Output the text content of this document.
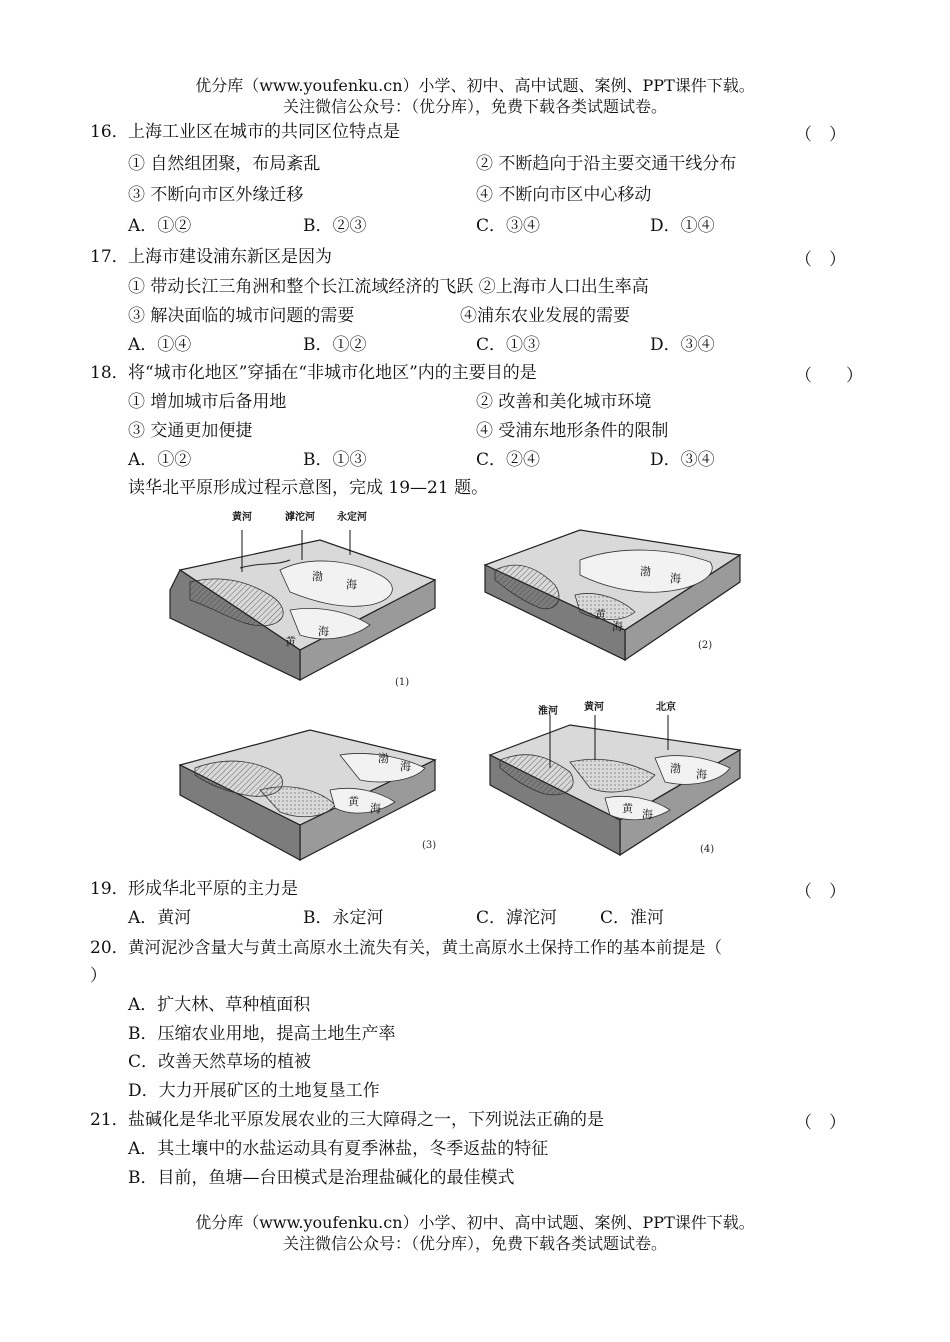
优分库（www.youfenku.cn）小学、初中、高中试题、案例、PPT课件下载。
关注微信公众号：（优分库），免费下载各类试题试卷。
16． 上海工业区在城市的共同区位特点是	（　）
① 自然组团聚，布局紊乱	② 不断趋向于沿主要交通干线分布
③ 不断向市区外缘迁移	④ 不断向市区中心移动
A．①②	B．②③	C．③④	D．①④
17． 上海市建设浦东新区是因为	（　）
① 带动长江三角洲和整个长江流域经济的飞跃 ②上海市人口出生率高
③ 解决面临的城市问题的需要	④浦东农业发展的需要
A．①④	B．①②	C．①③	D．③④
18． 将“城市化地区”穿插在“非城市化地区”内的主要目的是	（　　）
① 增加城市后备用地	② 改善和美化城市环境
③ 交通更加便捷	④ 受浦东地形条件的限制
A．①②	B．①③	C．②④	D．③④
读华北平原形成过程示意图，完成 19—21 题。
渤
海
黄
海
黄河	滹沱河 永定河
(1)
渤
海
黄
海
(2)
渤
海
黄
海
(3)
淮河	黄河	北京
渤 海
黄 海
(4)
19． 形成华北平原的主力是	（　）
A．黄河	B．永定河	C．滹沱河	C．淮河
20． 黄河泥沙含量大与黄土高原水土流失有关，黄土高原水土保持工作的基本前提是（
）
A．扩大林、草种植面积
B．压缩农业用地，提高土地生产率
C．改善天然草场的植被
D．大力开展矿区的土地复垦工作
21． 盐碱化是华北平原发展农业的三大障碍之一，下列说法正确的是	（　）
A．其土壤中的水盐运动具有夏季淋盐，冬季返盐的特征
B．目前，鱼塘—台田模式是治理盐碱化的最佳模式
优分库（www.youfenku.cn）小学、初中、高中试题、案例、PPT课件下载。
关注微信公众号：（优分库），免费下载各类试题试卷。
